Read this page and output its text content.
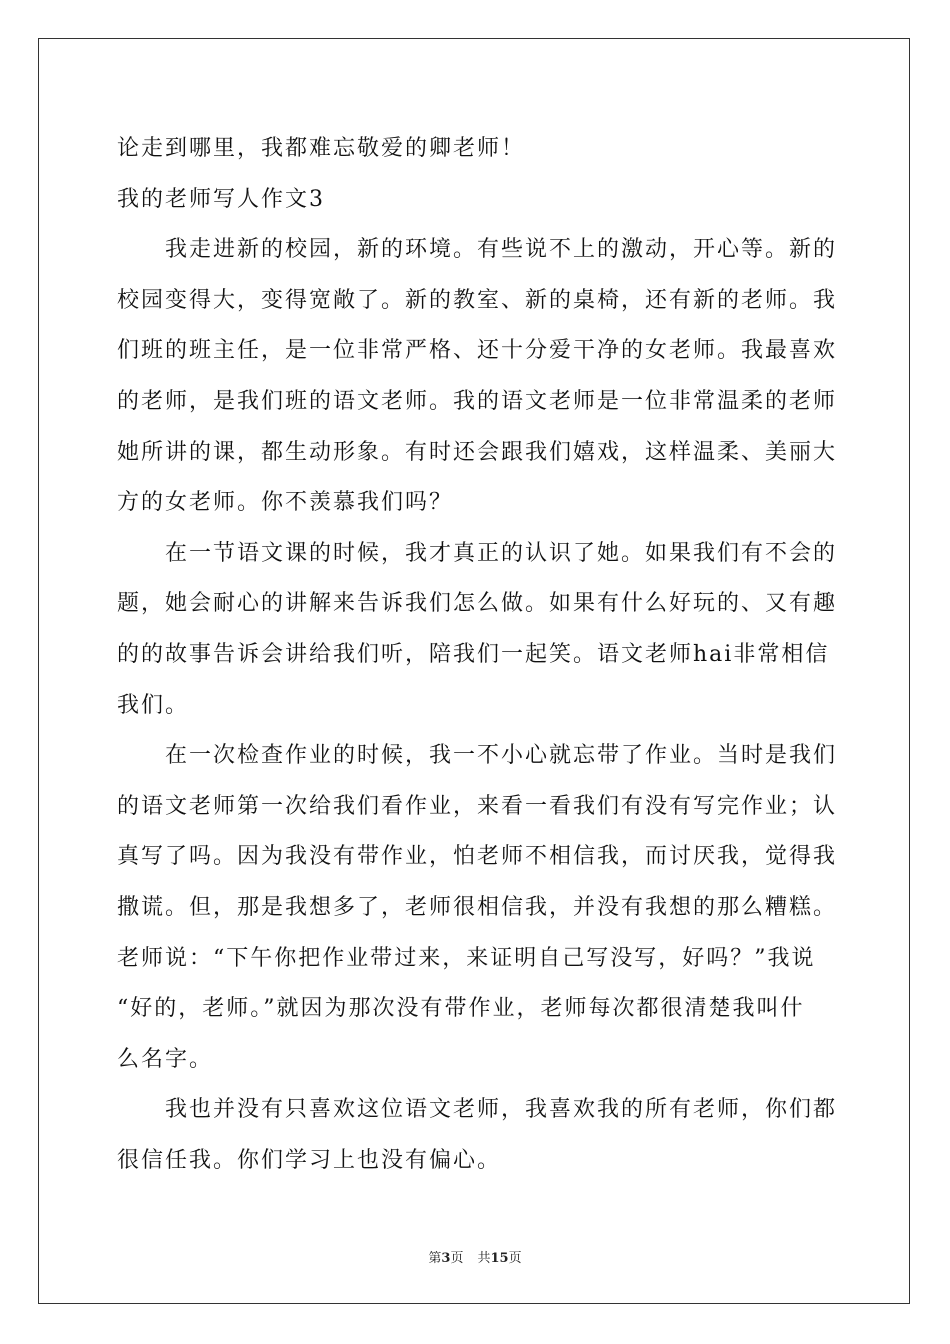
论走到哪里，我都难忘敬爱的卿老师！

我的老师写人作文3

我走进新的校园，新的环境。有些说不上的激动，开心等。新的

校园变得大，变得宽敞了。新的教室、新的桌椅，还有新的老师。我

们班的班主任，是一位非常严格、还十分爱干净的女老师。我最喜欢

的老师，是我们班的语文老师。我的语文老师是一位非常温柔的老师

她所讲的课，都生动形象。有时还会跟我们嬉戏，这样温柔、美丽大

方的女老师。你不羡慕我们吗？

在一节语文课的时候，我才真正的认识了她。如果我们有不会的

题，她会耐心的讲解来告诉我们怎么做。如果有什么好玩的、又有趣

的的故事告诉会讲给我们听，陪我们一起笑。语文老师hai非常相信

我们。

在一次检查作业的时候，我一不小心就忘带了作业。当时是我们

的语文老师第一次给我们看作业，来看一看我们有没有写完作业；认

真写了吗。因为我没有带作业，怕老师不相信我，而讨厌我，觉得我

撒谎。但，那是我想多了，老师很相信我，并没有我想的那么糟糕。

老师说：“下午你把作业带过来，来证明自己写没写，好吗？”我说

“好的，老师。”就因为那次没有带作业，老师每次都很清楚我叫什

么名字。

我也并没有只喜欢这位语文老师，我喜欢我的所有老师，你们都

很信任我。你们学习上也没有偏心。

第3页 共15页
